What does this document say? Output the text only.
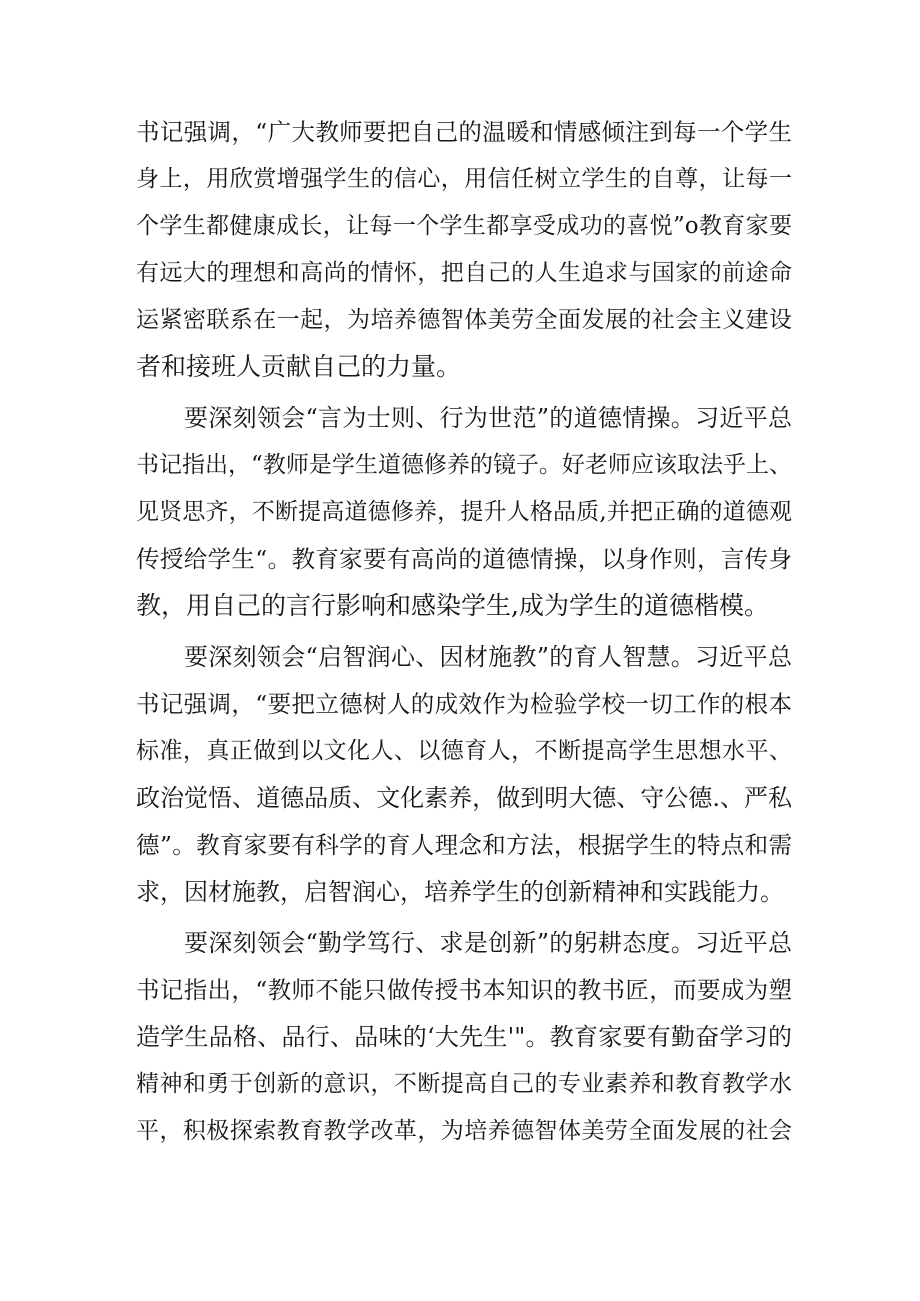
书记强调，“广大教师要把自己的温暖和情感倾注到每一个学生

身上，用欣赏增强学生的信心，用信任树立学生的自尊，让每一

个学生都健康成长，让每一个学生都享受成功的喜悦”o教育家要

有远大的理想和高尚的情怀，把自己的人生追求与国家的前途命

运紧密联系在一起，为培养德智体美劳全面发展的社会主义建设

者和接班人贡献自己的力量。

要深刻领会“言为士则、行为世范”的道德情操。习近平总

书记指出，“教师是学生道德修养的镜子。好老师应该取法乎上、

见贤思齐，不断提高道德修养，提升人格品质,并把正确的道德观

传授给学生“。教育家要有高尚的道德情操，以身作则，言传身

教，用自己的言行影响和感染学生,成为学生的道德楷模。

要深刻领会“启智润心、因材施教”的育人智慧。习近平总

书记强调，“要把立德树人的成效作为检验学校一切工作的根本

标准，真正做到以文化人、以德育人，不断提高学生思想水平、

政治觉悟、道德品质、文化素养，做到明大德、守公德.、严私

德”。教育家要有科学的育人理念和方法，根据学生的特点和需

求，因材施教，启智润心，培养学生的创新精神和实践能力。

要深刻领会“勤学笃行、求是创新”的躬耕态度。习近平总

书记指出，“教师不能只做传授书本知识的教书匠，而要成为塑

造学生品格、品行、品味的‘大先生'"。教育家要有勤奋学习的

精神和勇于创新的意识，不断提高自己的专业素养和教育教学水

平，积极探索教育教学改革，为培养德智体美劳全面发展的社会
